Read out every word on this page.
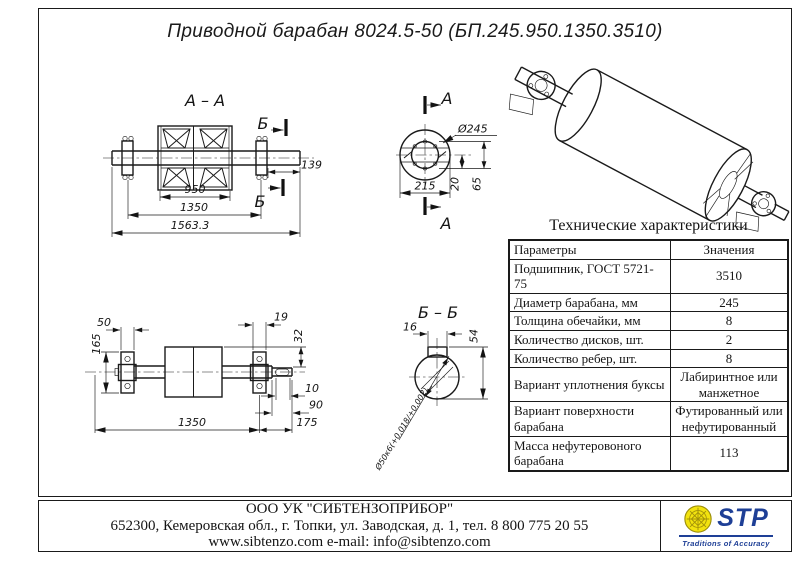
Приводной барабан 8024.5-50 (БП.245.950.1350.3510)
А – А
Б
Б
950
1350
1563.3
139
А
А
Ø245
215 20 65
50	19
165	32
10
90
175
1350
Б – Б
Ø50к6(+0,018/+0,002)
16
54
Технические характеристики
Параметры	Значения
Подшипник, ГОСТ 5721-75	3510
Диаметр барабана, мм	245
Толщина обечайки, мм	8
Количество дисков, шт.	2
Количество ребер, шт.	8
Вариант уплотнения буксы	Лабиринтное или манжетное
Вариант поверхности барабана	Футированный или нефутированный
Масса нефутеровоного барабана	113
ООО УК "СИБТЕНЗОПРИБОР"
652300, Кемеровская обл., г. Топки, ул. Заводская, д. 1, тел. 8 800 775 20 55
www.sibtenzo.com e-mail: info@sibtenzo.com
STP
Traditions of Accuracy
